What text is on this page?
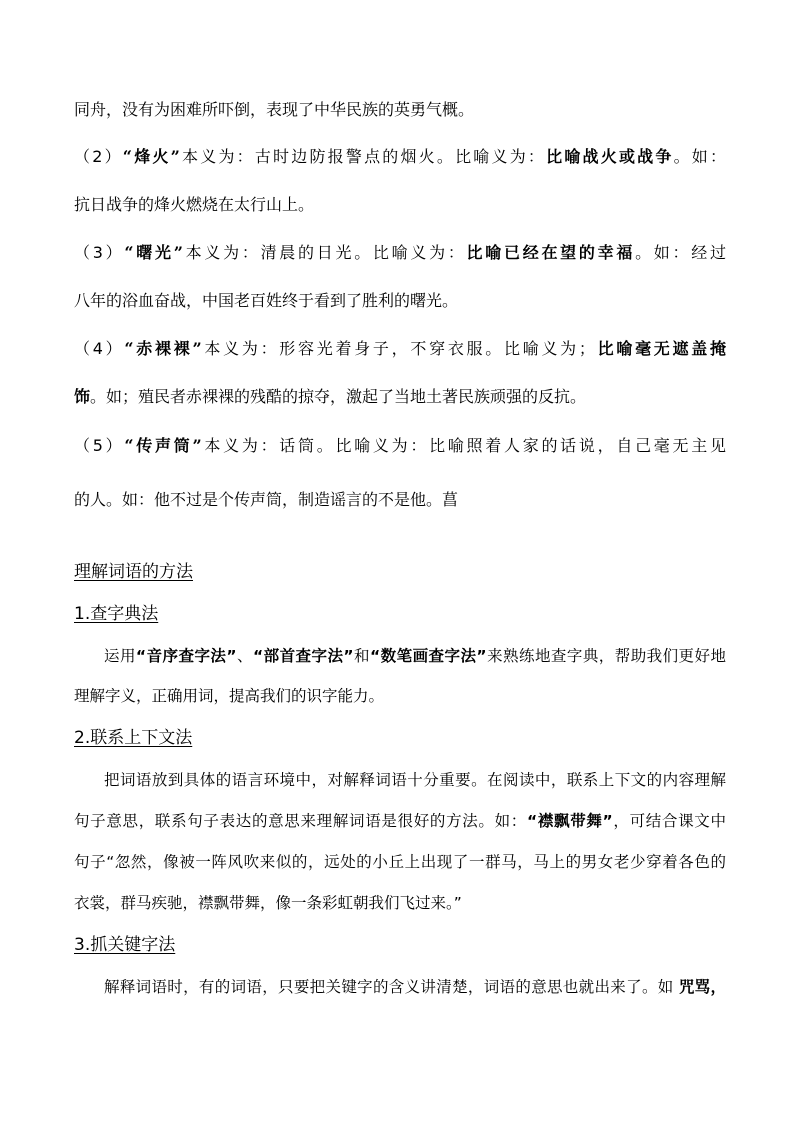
同舟，没有为困难所吓倒，表现了中华民族的英勇气概。
（2）“烽火”本义为：古时边防报警点的烟火。比喻义为：比喻战火或战争。如：
抗日战争的烽火燃烧在太行山上。
（3）“曙光”本义为：清晨的日光。比喻义为：比喻已经在望的幸福。如：经过
八年的浴血奋战，中国老百姓终于看到了胜利的曙光。
（4）“赤裸裸”本义为：形容光着身子，不穿衣服。比喻义为；比喻毫无遮盖掩
饰。如；殖民者赤裸裸的残酷的掠夺，激起了当地土著民族顽强的反抗。
（5）“传声筒”本义为：话筒。比喻义为：比喻照着人家的话说，自己毫无主见
的人。如：他不过是个传声筒，制造谣言的不是他。菖
理解词语的方法
1.查字典法
运用“音序查字法”、“部首查字法”和“数笔画查字法”来熟练地查字典，帮助我们更好地
理解字义，正确用词，提高我们的识字能力。
2.联系上下文法
把词语放到具体的语言环境中，对解释词语十分重要。在阅读中，联系上下文的内容理解
句子意思，联系句子表达的意思来理解词语是很好的方法。如：“襟飘带舞”，可结合课文中
句子“忽然，像被一阵风吹来似的，远处的小丘上出现了一群马，马上的男女老少穿着各色的
衣裳，群马疾驰，襟飘带舞，像一条彩虹朝我们飞过来。”
3.抓关键字法
解释词语时，有的词语，只要把关键字的含义讲清楚，词语的意思也就出来了。如 咒骂，
